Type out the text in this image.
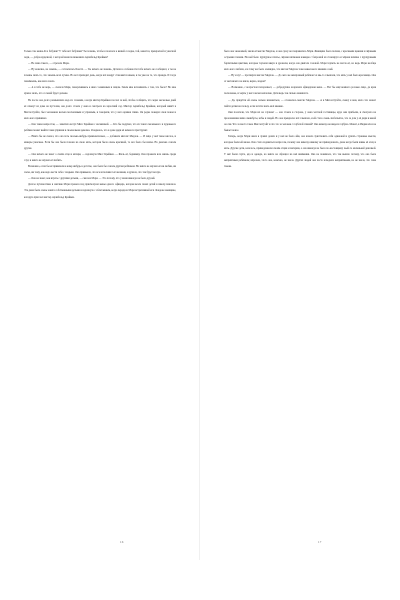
Только так канна-bi и бабуши? У тебя нет бабушки? Ты хочешь, чтобы я поехала к вашей соседке, той, кажется, прекрасной и ужасной леди, — добросердечной, с которой меня познакомила Арчибальд Крейвен?

— Не знаю такого, — отрезала Марк.

— Ну конечно, не знаешь, — согласилась Бонсгл. — Ты ничего не знаешь. Детали в особенности тебе ничего не сообщают, а ты не хочешь знать то, что знаешь всех лучше. Но вот приходит день, когда всё вокруг становится иным, и ты уже не та, что прежде. И тогда понимаешь, как мало знала.

— А в тебе не верь, — сказала Марк, поворачиваясь к ним с каменным и лицом. Зачем мне вспоминать о том, что было? Но мне нужно знать, что со мной будет дальше.

Но после она долго размышляла над его словами, а когда мистер Крейвен послал за ней, чтобы сообщить, что через несколько дней её отвезут из дома на пустоши, она долго стояла у окна и смотрела на заросший сад. Мистер Арчибальд Крейвен, который живёт в Мисселтуэйте, был человеком весьма молчаливым и угрюмым, и говорили, что у него кривая спина. Он редко покидал свои покои и мало кого принимал.

— Она такая непростая, — заметила вслух Мисс Крейвен с насмешкой. — Кто бы подумал, что из такого маленького и худенького ребёнка может выйти такая упрямая и своевольная девочка. Я надеюсь, что в доме дяди её немного приструнят.

— Никто бы не сказал, что она хоть сколько-нибудь привлекательна, — добавила миссис Медлок. — И лицо у неё такое кислое, и манеры ужасные. Если бы она была похожа на свою мать, которая была очень красивой, то все было бы иначе. Но девочка совсем другая.

— Она ничего не знает о своём отце и матери, — вздохнула Мисс Крейвен. — Жаль её, бедняжку. Она прожила всю жизнь среди слуг, и никто не научил её любить.

Возможно, если бы её привязали к кому-нибудь в детстве, она была бы совсем другим ребёнком. Но никто не научил её ни любви, ни ласке, ни тому, как надо вести себя с людьми. Она привыкла, что все исполняют её желания, и думала, что так будет всегда.

— Она не знает, как играть с другими детьми, — сказала Мэри. — Это потому, что у меня никогда не было друзей.

Долгое путешествие в Англию Мэри провела под присмотром жены одного офицера, которая везла своих детей в школу-пансион. Эта дама была очень занята собственными детьми и вздохнула с облегчением, когда передала Мэри встретившей её в Лондоне женщине, которую прислал мистер Арчибальд Крейвен.

16

была она экономкой, звали её миссис Медлок, и она сразу не понравилась Мэри. Женщина была полная, с красными щеками и чёрными острыми глазами. На ней было пурпурное платье, чёрная шёлковая накидка с бахромой из стекляруса и чёрная шляпка с пурпурными бархатными цветами, которые торчали вверх и дрожали, когда она двигала головой. Мэри терпеть не могла её, но ведь Мэри вообще мало кого любила, и к тому же было очевидно, что миссис Медлок тоже невысокого мнения о ней.

— Ну и ну! — протянула миссис Медлок. — До чего же невзрачный ребёнок! А мы-то слышали, что мать у неё была красавица. Она от неё ничего не взяла, верно, мадам?

— Возможно, с возрастом похорошеет, — добродушно возразила офицерская жена. — Вот бы ещё немного розовее лицо, да нрав поласковее, и черты у неё совсем неплохие. Дети ведь так сильно меняются.

— Да, придётся ей очень сильно измениться, — отозвалась миссис Медлок. — А в Мисселтуэйте, скажу я вам, мало что может пойти детям на пользу, если хотите знать моё мнение.

Они полагали, что Мэри их не слушает — она стояла в стороне, у окна частной гостиницы, куда они прибыли, и смотрела на проезжавшие мимо омнибусы, кэбы и людей. Но она прекрасно всё слышала, и ей стало очень любопытно, что за дом у её дяди и какой он сам. Что за место такое Мисселтуэйт и что это за человек с горбатой спиной? Она никогда не видела горбуна. Может, в Индии их и не бывает вовсе.

Теперь, когда Мэри жила в чужих домах и у неё не было айи, она начала чувствовать себя одинокой и думать странные мысли, которые были ей внове. Она стала задаваться вопросом, почему она никогда никому не принадлежала, даже когда были живы её отец и мать. Другие дети, казалось, принадлежали своим отцам и матерям, а она никогда не была по-настоящему чьей-то маленькой девочкой. У неё были слуги, еда и одежда, но никто не обращал на неё внимания. Она не понимала, что так вышло потому, что она была неприятным ребёнком; впрочем, этого она, конечно, не знала. Других людей она часто находила неприятными, но не знала, что сама такова.

17
